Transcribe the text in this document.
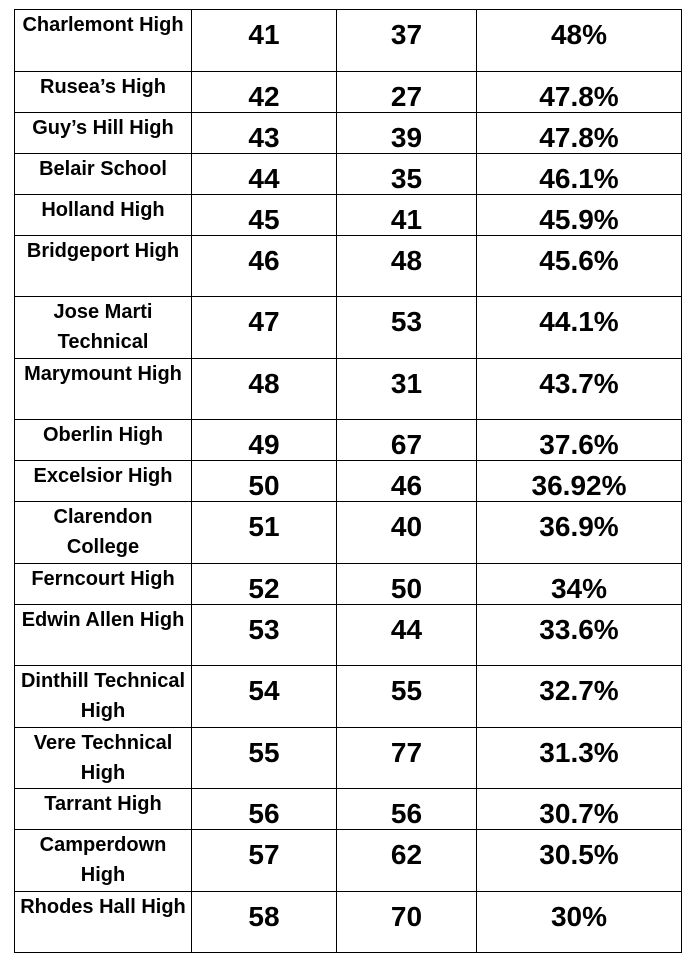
Charlemont High	41	37	48%

Rusea’s High	42	27	47.8%

Guy’s Hill High	43	39	47.8%

Belair School	44	35	46.1%

Holland High	45	41	45.9%

Bridgeport High	46	48	45.6%

Jose Marti Technical	47	53	44.1%

Marymount High	48	31	43.7%

Oberlin High	49	67	37.6%

Excelsior High	50	46	36.92%

Clarendon College	51	40	36.9%

Ferncourt High	52	50	34%

Edwin Allen High	53	44	33.6%

Dinthill Technical High	54	55	32.7%

Vere Technical High	55	77	31.3%

Tarrant High	56	56	30.7%

Camperdown High	57	62	30.5%

Rhodes Hall High	58	70	30%
